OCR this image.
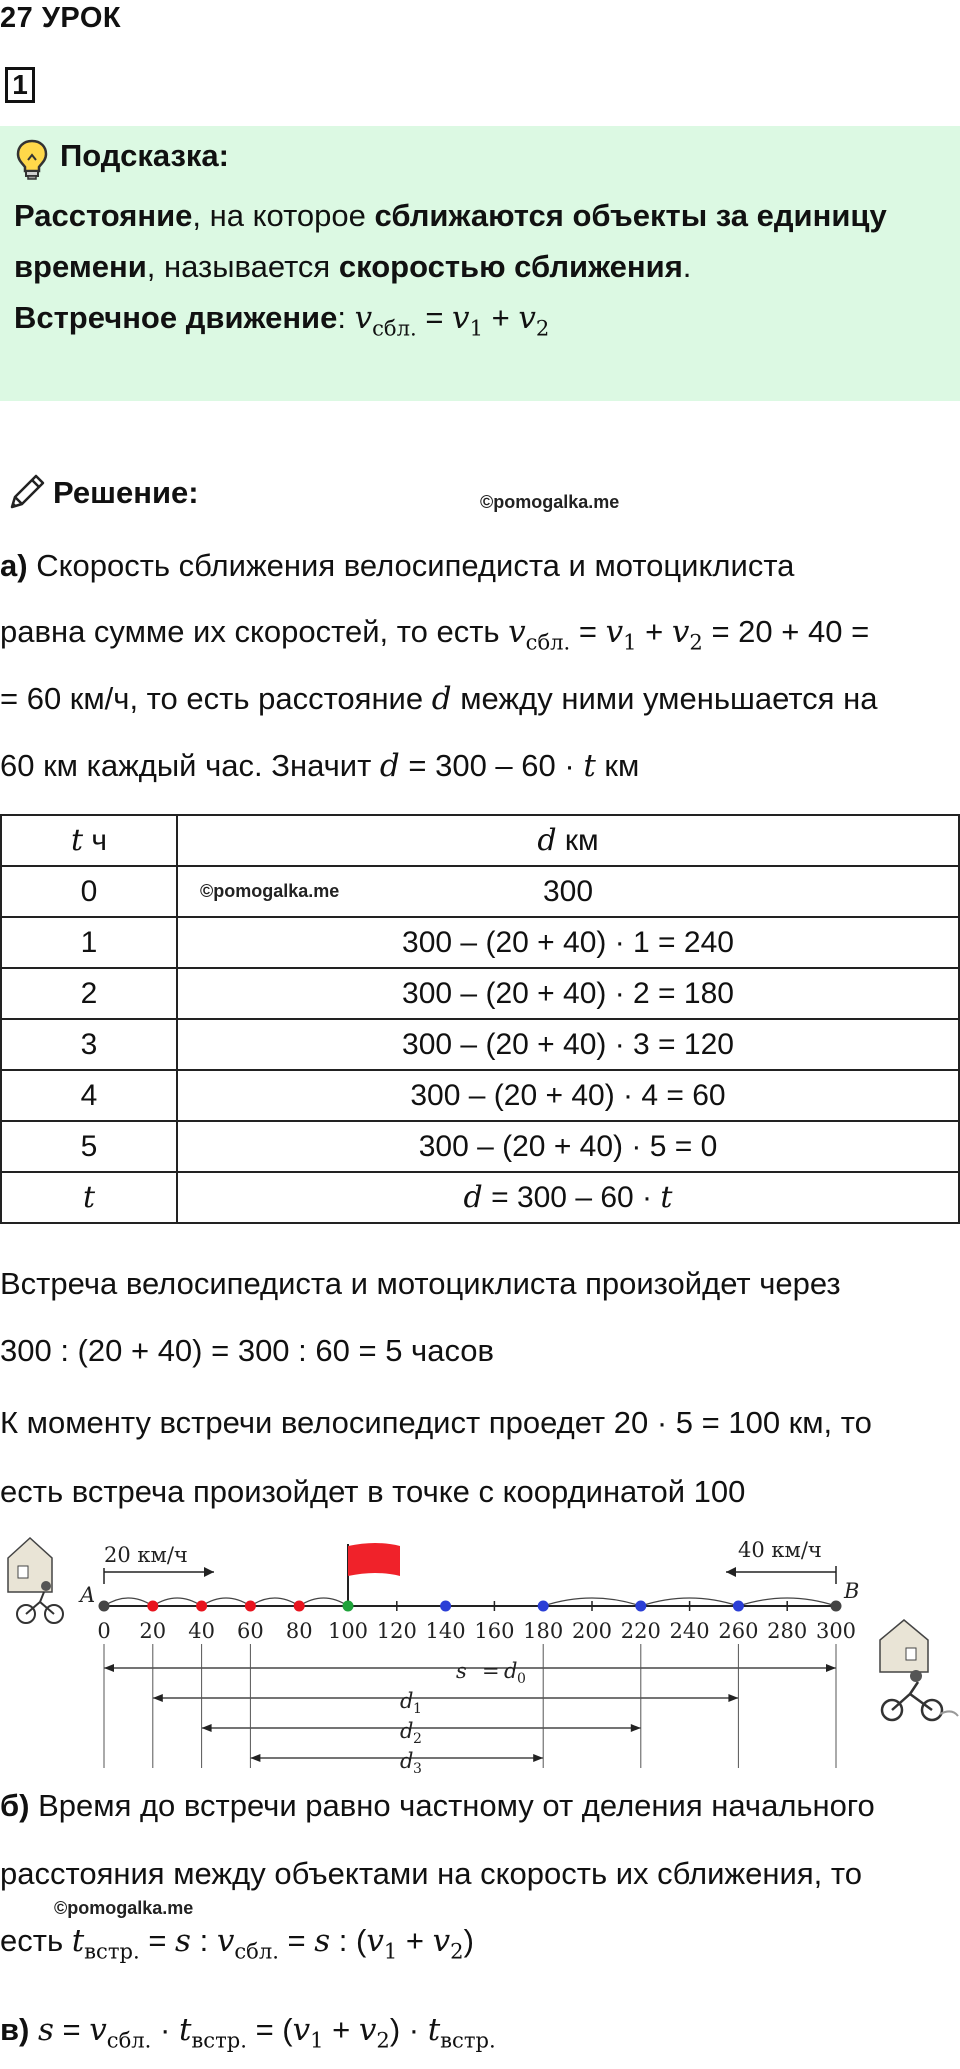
27 УРОК
1
Подсказка:
Расстояние, на которое сближаются объекты за единицу
времени, называется скоростью сближения.
Встречное движение: $v_{сбл.} = v_1 + v_2$
Решение:	©pomogalka.me
а) Скорость сближения велосипедиста и мотоциклиста
равна сумме их скоростей, то есть $v_{сбл.} = v_1 + v_2 = 20 + 40$ =
= 60 км/ч, то есть расстояние d между ними уменьшается на
60 км каждый час. Значит d = 300 – 60 · t км
t ч	d км
0	©pomogalka.me 300
1	300 – (20 + 40) · 1 = 240
2	300 – (20 + 40) · 2 = 180
3	300 – (20 + 40) · 3 = 120
4	300 – (20 + 40) · 4 = 60
5	300 – (20 + 40) · 5 = 0
t	d = 300 – 60 · t
Встреча велосипедиста и мотоциклиста произойдет через
300 : (20 + 40) = 300 : 60 = 5 часов
К моменту встречи велосипедист проедет 20 · 5 = 100 км, то
есть встреча произойдет в точке с координатой 100
20 км/ч	40 км/ч
A	B
0 20 40 60 80 100 120 140 160 180 200 220 240 260 280 300
s = d 0
d 1
d 2
d 3
б) Время до встречи равно частному от деления начального
расстояния между объектами на скорость их сближения, то
©pomogalka.me
есть $t_{встр.} = s$ : $v_{сбл.} = s$ : $(v_1 + v_2)$
в) $s = v_{сбл.} \cdot t_{встр.} = (v_1 + v_2) \cdot t_{встр.}$
